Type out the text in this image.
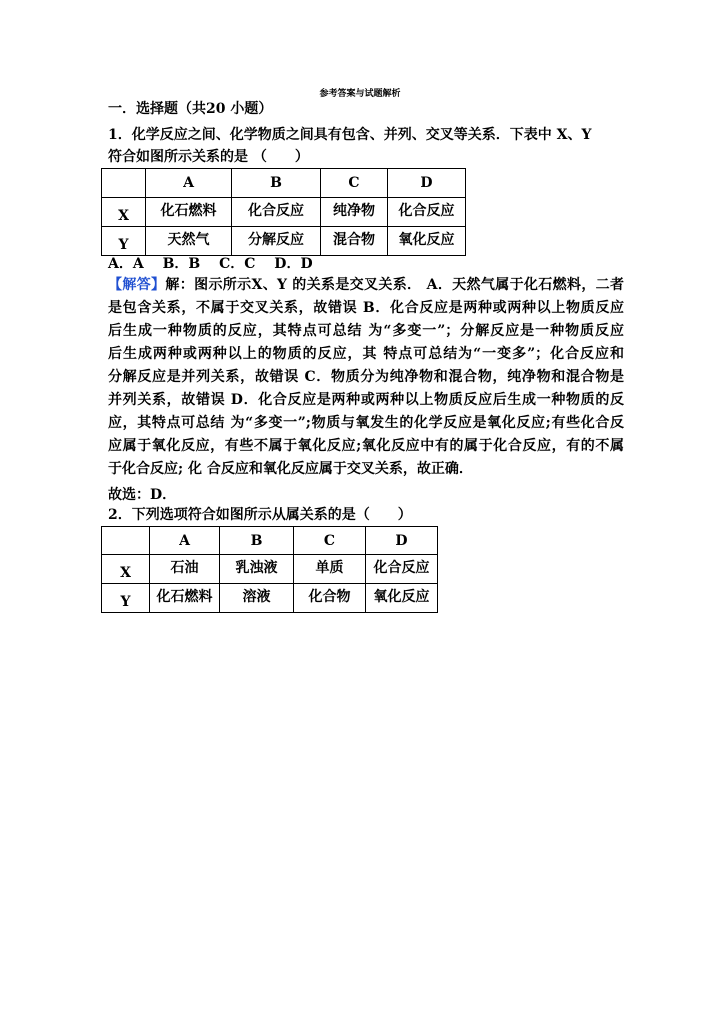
参考答案与试题解析
一．选择题（共20 小题）
1．化学反应之间、化学物质之间具有包含、并列、交叉等关系．下表中 X、Y
符合如图所示关系的是 （　　）
	A	B	C	D
X	化石燃料	化合反应	纯净物	化合反应
Y	天然气	分解反应	混合物	氧化反应
A．A　 B．B　 C．C　 D．D
【解答】解：图示所示X、Y 的关系是交叉关系． A．天然气属于化石燃料，二者
是包含关系，不属于交叉关系，故错误 B．化合反应是两种或两种以上物质反应
后生成一种物质的反应，其特点可总结 为“多变一”；分解反应是一种物质反应
后生成两种或两种以上的物质的反应，其 特点可总结为“一变多”；化合反应和
分解反应是并列关系，故错误 C．物质分为纯净物和混合物，纯净物和混合物是
并列关系，故错误 D．化合反应是两种或两种以上物质反应后生成一种物质的反
应，其特点可总结 为“多变一”;物质与氧发生的化学反应是氧化反应;有些化合反
应属于氧化反应，有些不属于氧化反应;氧化反应中有的属于化合反应，有的不属
于化合反应; 化 合反应和氧化反应属于交叉关系，故正确．
故选：D．
2．下列选项符合如图所示从属关系的是（　　）
	A	B	C	D
X	石油	乳浊液	单质	化合反应
Y	化石燃料	溶液	化合物	氧化反应
